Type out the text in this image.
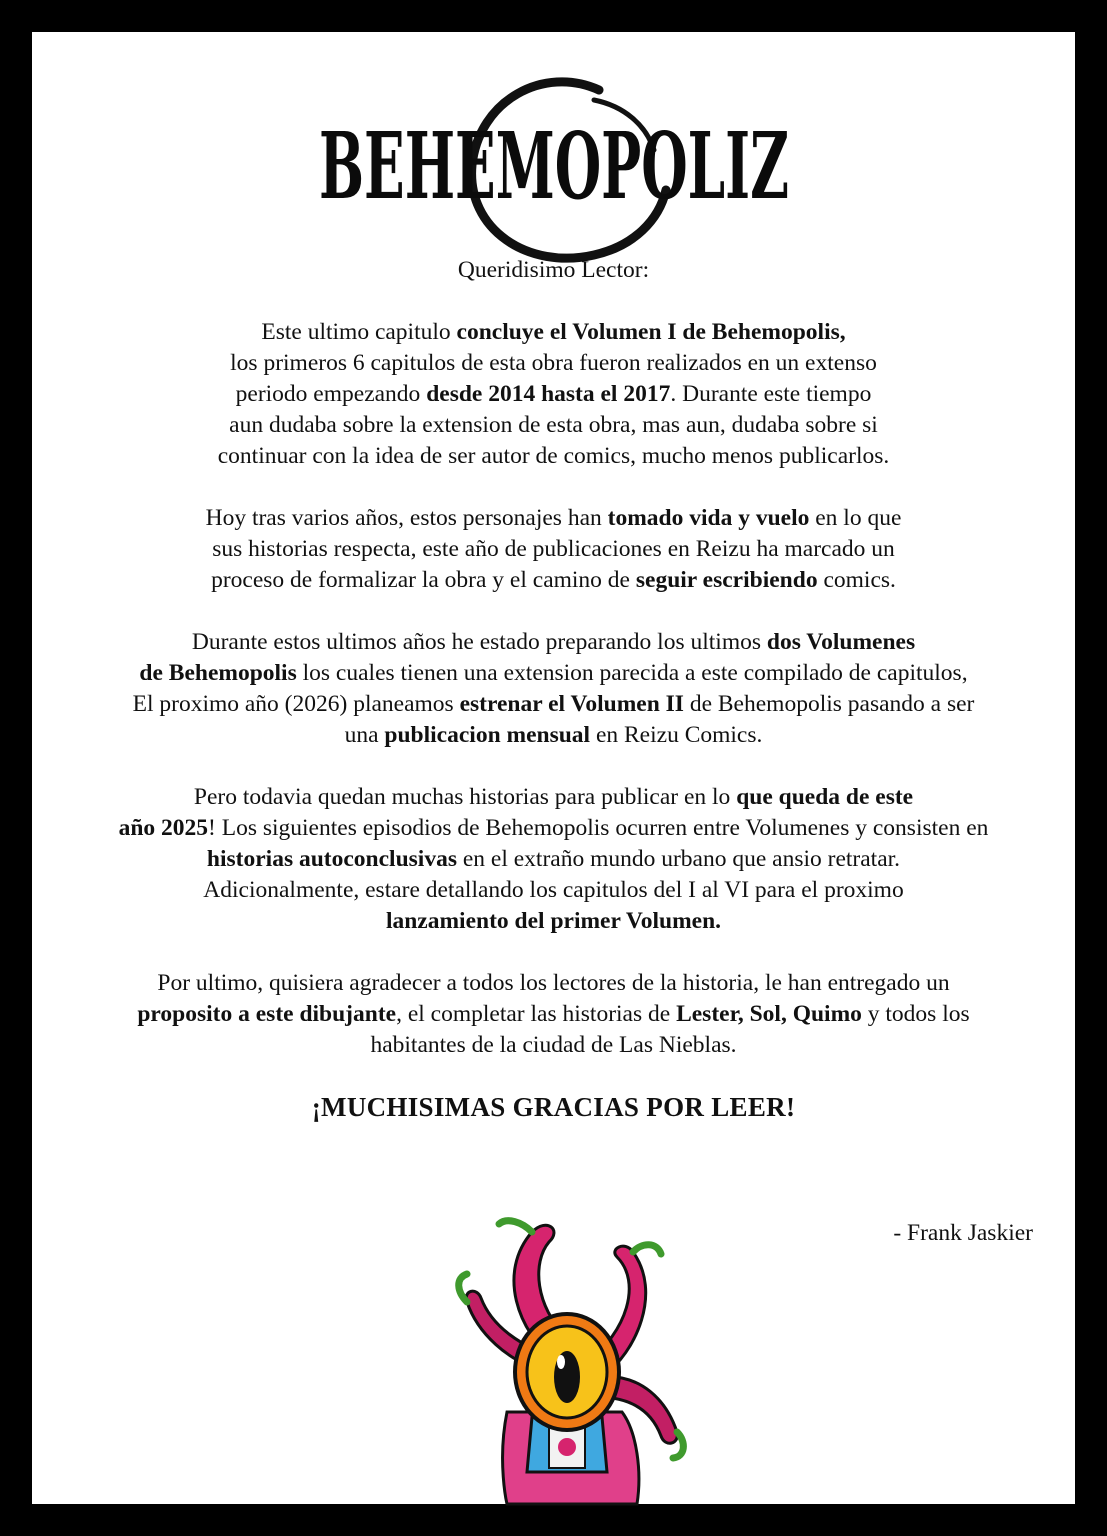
BEHEMOPOLIZ

Queridisimo Lector:

Este ultimo capitulo concluye el Volumen I de Behemopolis,
los primeros 6 capitulos de esta obra fueron realizados en un extenso
periodo empezando desde 2014 hasta el 2017. Durante este tiempo
aun dudaba sobre la extension de esta obra, mas aun, dudaba sobre si
continuar con la idea de ser autor de comics, mucho menos publicarlos.

Hoy tras varios años, estos personajes han tomado vida y vuelo en lo que
sus historias respecta, este año de publicaciones en Reizu ha marcado un
proceso de formalizar la obra y el camino de seguir escribiendo comics.

Durante estos ultimos años he estado preparando los ultimos dos Volumenes
de Behemopolis los cuales tienen una extension parecida a este compilado de capitulos,
El proximo año (2026) planeamos estrenar el Volumen II de Behemopolis pasando a ser
una publicacion mensual en Reizu Comics.

Pero todavia quedan muchas historias para publicar en lo que queda de este
año 2025! Los siguientes episodios de Behemopolis ocurren entre Volumenes y consisten en
historias autoconclusivas en el extraño mundo urbano que ansio retratar.
Adicionalmente, estare detallando los capitulos del I al VI para el proximo
lanzamiento del primer Volumen.

Por ultimo, quisiera agradecer a todos los lectores de la historia, le han entregado un
proposito a este dibujante, el completar las historias de Lester, Sol, Quimo y todos los
habitantes de la ciudad de Las Nieblas.

¡MUCHISIMAS GRACIAS POR LEER!

- Frank Jaskier
